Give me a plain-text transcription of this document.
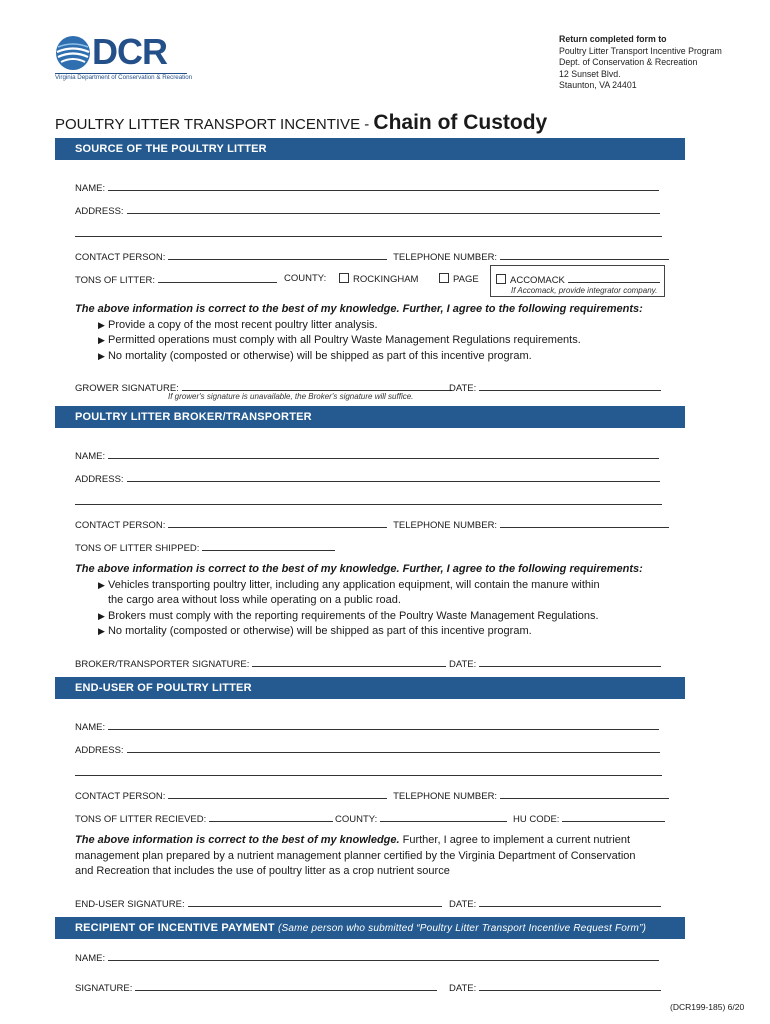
DCR
Virginia Department of Conservation & Recreation
Return completed form to
Poultry Litter Transport Incentive Program
Dept. of Conservation & Recreation
12 Sunset Blvd.
Staunton, VA 24401
POULTRY LITTER TRANSPORT INCENTIVE - Chain of Custody
SOURCE OF THE POULTRY LITTER
NAME:
ADDRESS:
CONTACT PERSON:	TELEPHONE NUMBER:
TONS OF LITTER:	COUNTY:	ROCKINGHAM	PAGE	ACCOMACK
If Accomack, provide integrator company.
The above information is correct to the best of my knowledge. Further, I agree to the following requirements:
▶ Provide a copy of the most recent poultry litter analysis.
▶ Permitted operations must comply with all Poultry Waste Management Regulations requirements.
▶ No mortality (composted or otherwise) will be shipped as part of this incentive program.
GROWER SIGNATURE:	DATE:
If grower's signature is unavailable, the Broker's signature will suffice.
POULTRY LITTER BROKER/TRANSPORTER
NAME:
ADDRESS:
CONTACT PERSON:	TELEPHONE NUMBER:
TONS OF LITTER SHIPPED:
The above information is correct to the best of my knowledge. Further, I agree to the following requirements:
▶ Vehicles transporting poultry litter, including any application equipment, will contain the manure within
the cargo area without loss while operating on a public road.
▶ Brokers must comply with the reporting requirements of the Poultry Waste Management Regulations.
▶ No mortality (composted or otherwise) will be shipped as part of this incentive program.
BROKER/TRANSPORTER SIGNATURE:	DATE:
END-USER OF POULTRY LITTER
NAME:
ADDRESS:
CONTACT PERSON:	TELEPHONE NUMBER:
TONS OF LITTER RECIEVED:	COUNTY:	HU CODE:
The above information is correct to the best of my knowledge. Further, I agree to implement a current nutrient
management plan prepared by a nutrient management planner certified by the Virginia Department of Conservation
and Recreation that includes the use of poultry litter as a crop nutrient source
END-USER SIGNATURE:	DATE:
RECIPIENT OF INCENTIVE PAYMENT (Same person who submitted “Poultry Litter Transport Incentive Request Form”)
NAME:
SIGNATURE:	DATE:
(DCR199-185) 6/20
